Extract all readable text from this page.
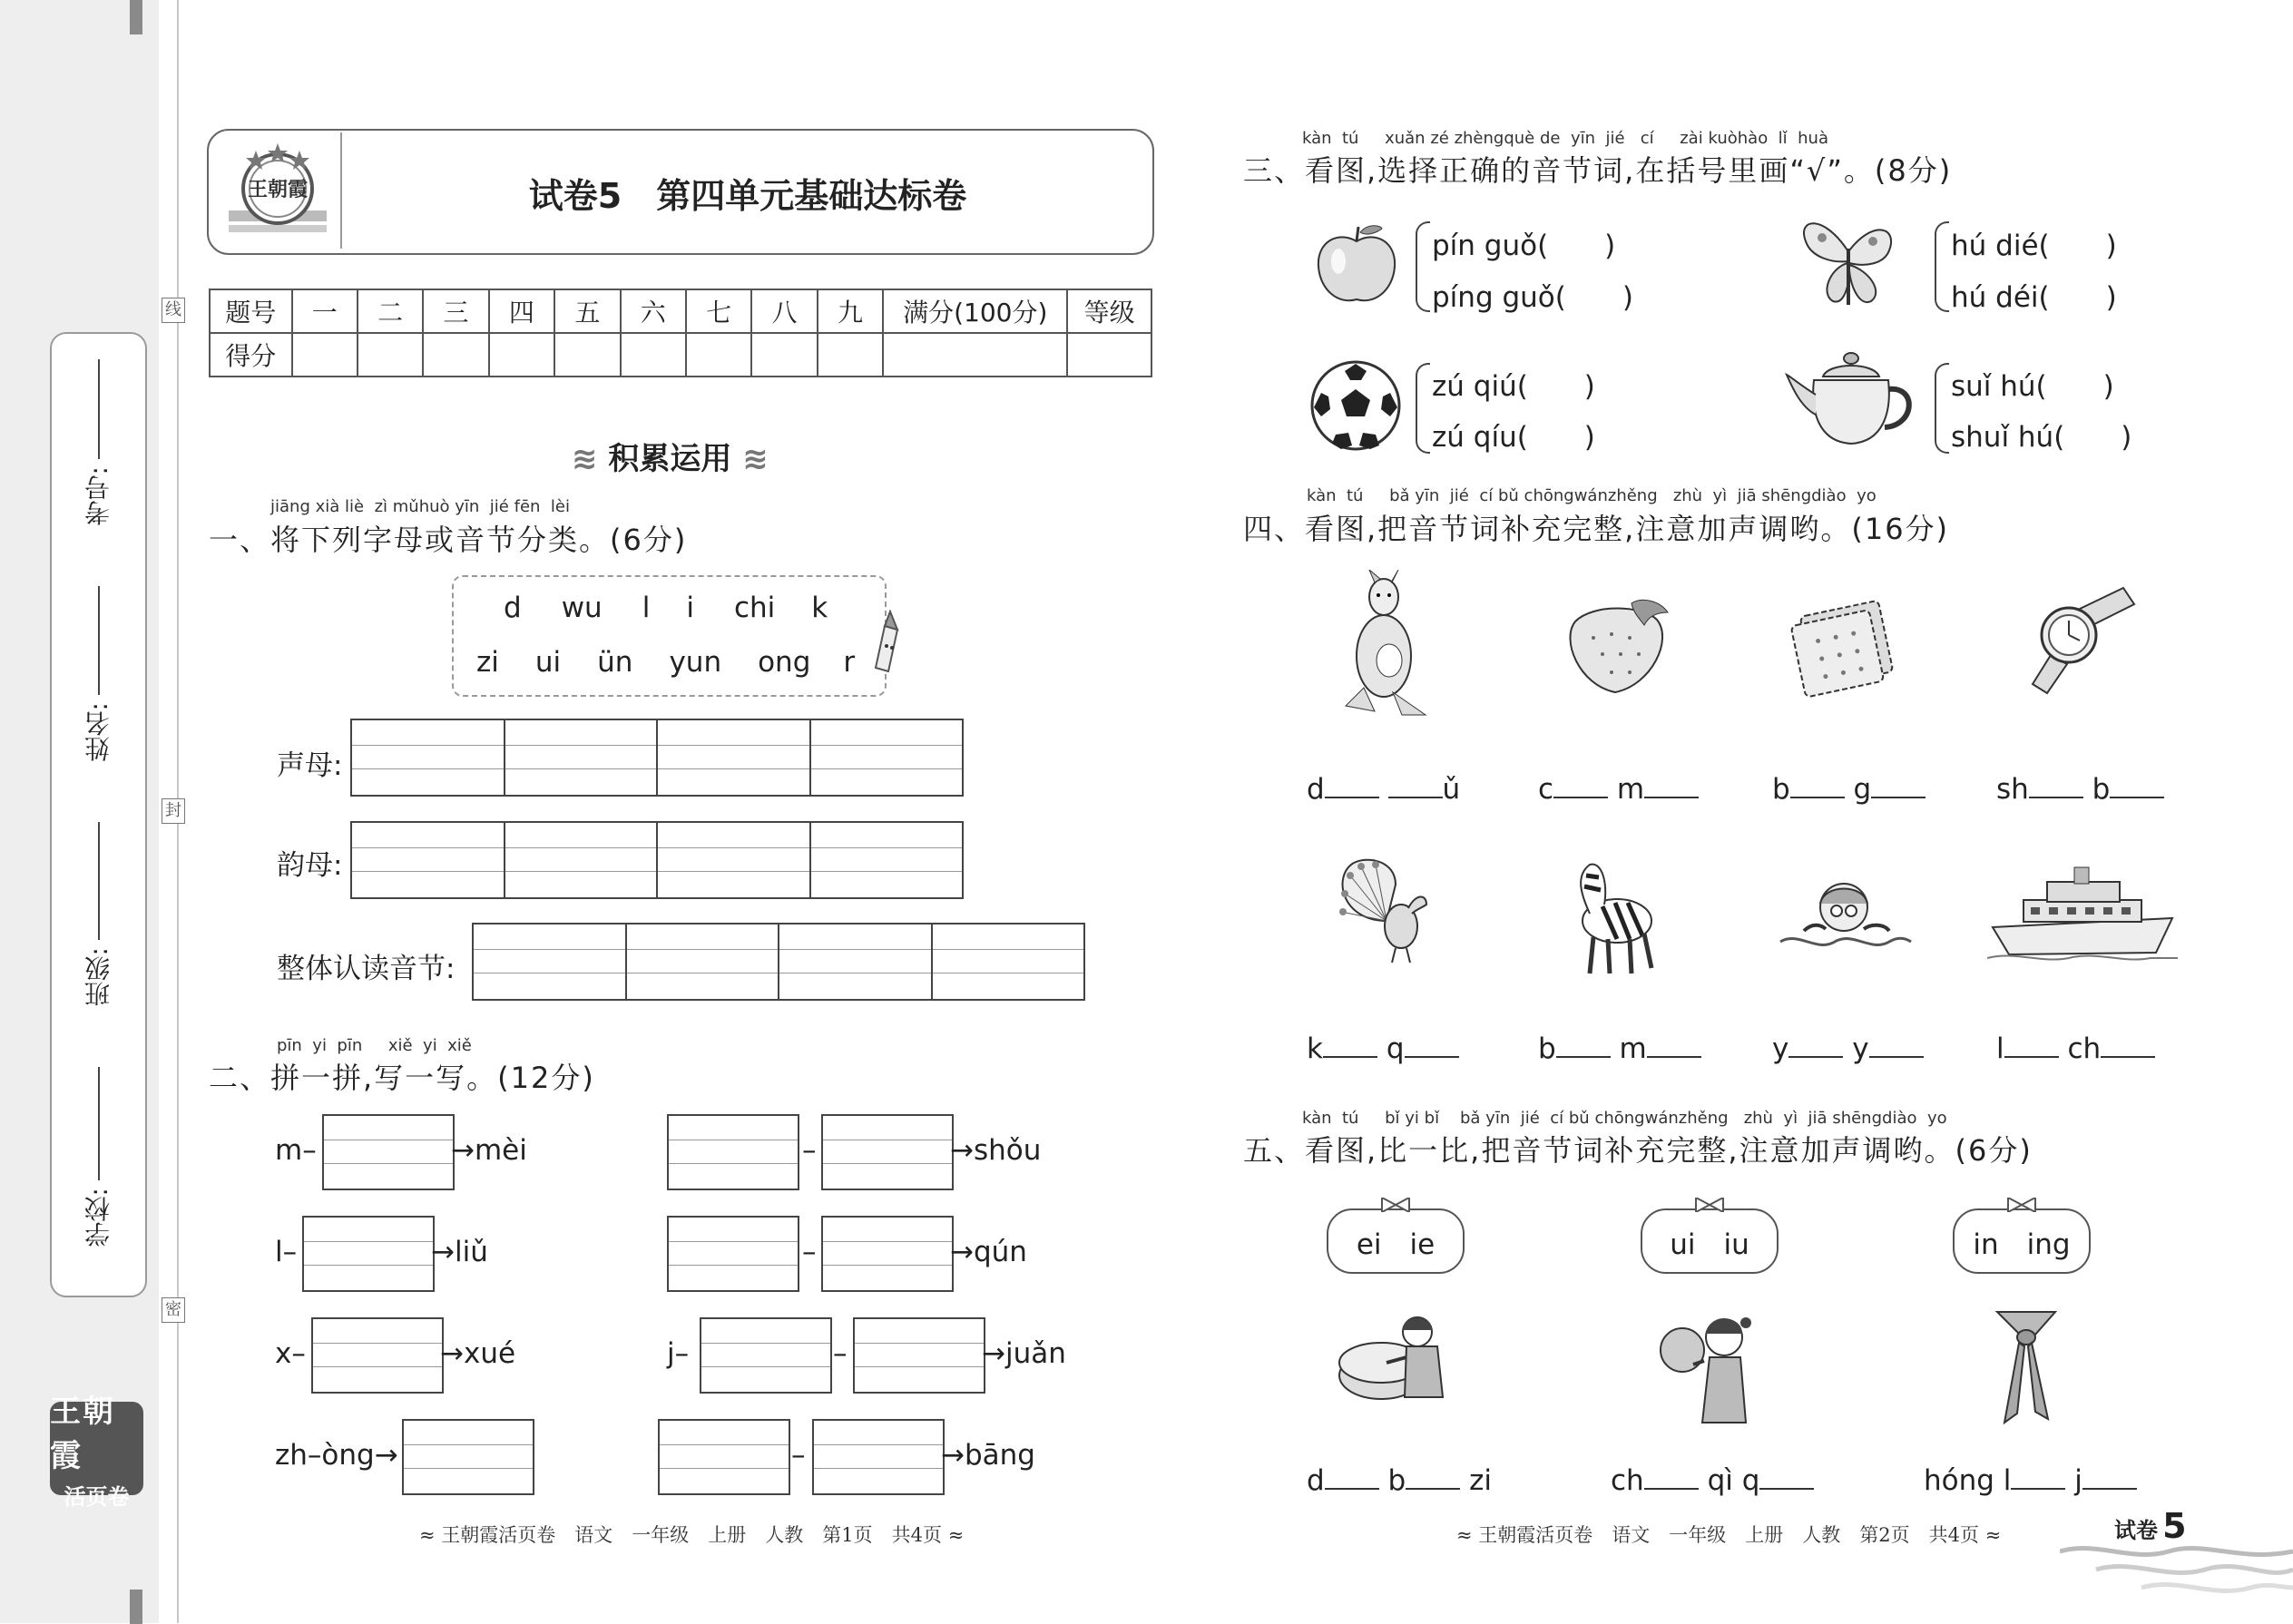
考号:
姓名:
班级:
学校:
线
封
密
王朝霞
活页卷
王朝霞	试卷5　第四单元基础达标卷
题号	一	二	三	四	五	六	七	八	九	满分(100分)	等级
得分											
≋ 积累运用 ≋
jiāng xià liè zì mǔhuò yīn jié fēn lèi
一、将下列字母或音节分类。(6分)
d wu l i chi k
zi ui ün yun ong r
声母:
韵母:
整体认读音节:
pīn yi pīn xiě yi xiě
二、拼一拼,写一写。(12分)
m–	→mèi
l–	→liǔ
x–	→xué
zh–òng→
–	→shǒu
–	→qún
j–	–	→juǎn
–	→bāng
≈ 王朝霞活页卷　语文　一年级　上册　人教　第1页　共4页 ≈
kàn tú xuǎn zé zhèngquè de yīn jié cí zài kuòhào lǐ huà
三、看图,选择正确的音节词,在括号里画“√”。(8分)
pín guǒ(　　)
píng guǒ(　　)
hú dié(　　)
hú déi(　　)
zú qiú(　　)
zú qíu(　　)
suǐ hú(　　)
shuǐ hú(　　)
kàn tú bǎ yīn jié cí bǔ chōngwánzhěng zhù yì jiā shēngdiào yo
四、看图,把音节词补充完整,注意加声调哟。(16分)
d	ǔ	c m	b g	sh b
k q	b m	y y	l ch
kàn tú bǐ yi bǐ bǎ yīn jié cí bǔ chōngwánzhěng zhù yì jiā shēngdiào yo
五、看图,比一比,把音节词补充完整,注意加声调哟。(6分)
ei　ie	ui　iu	in　ing
d b zi	ch qì q	hóng l j
≈ 王朝霞活页卷　语文　一年级　上册　人教　第2页　共4页 ≈	试卷 5
